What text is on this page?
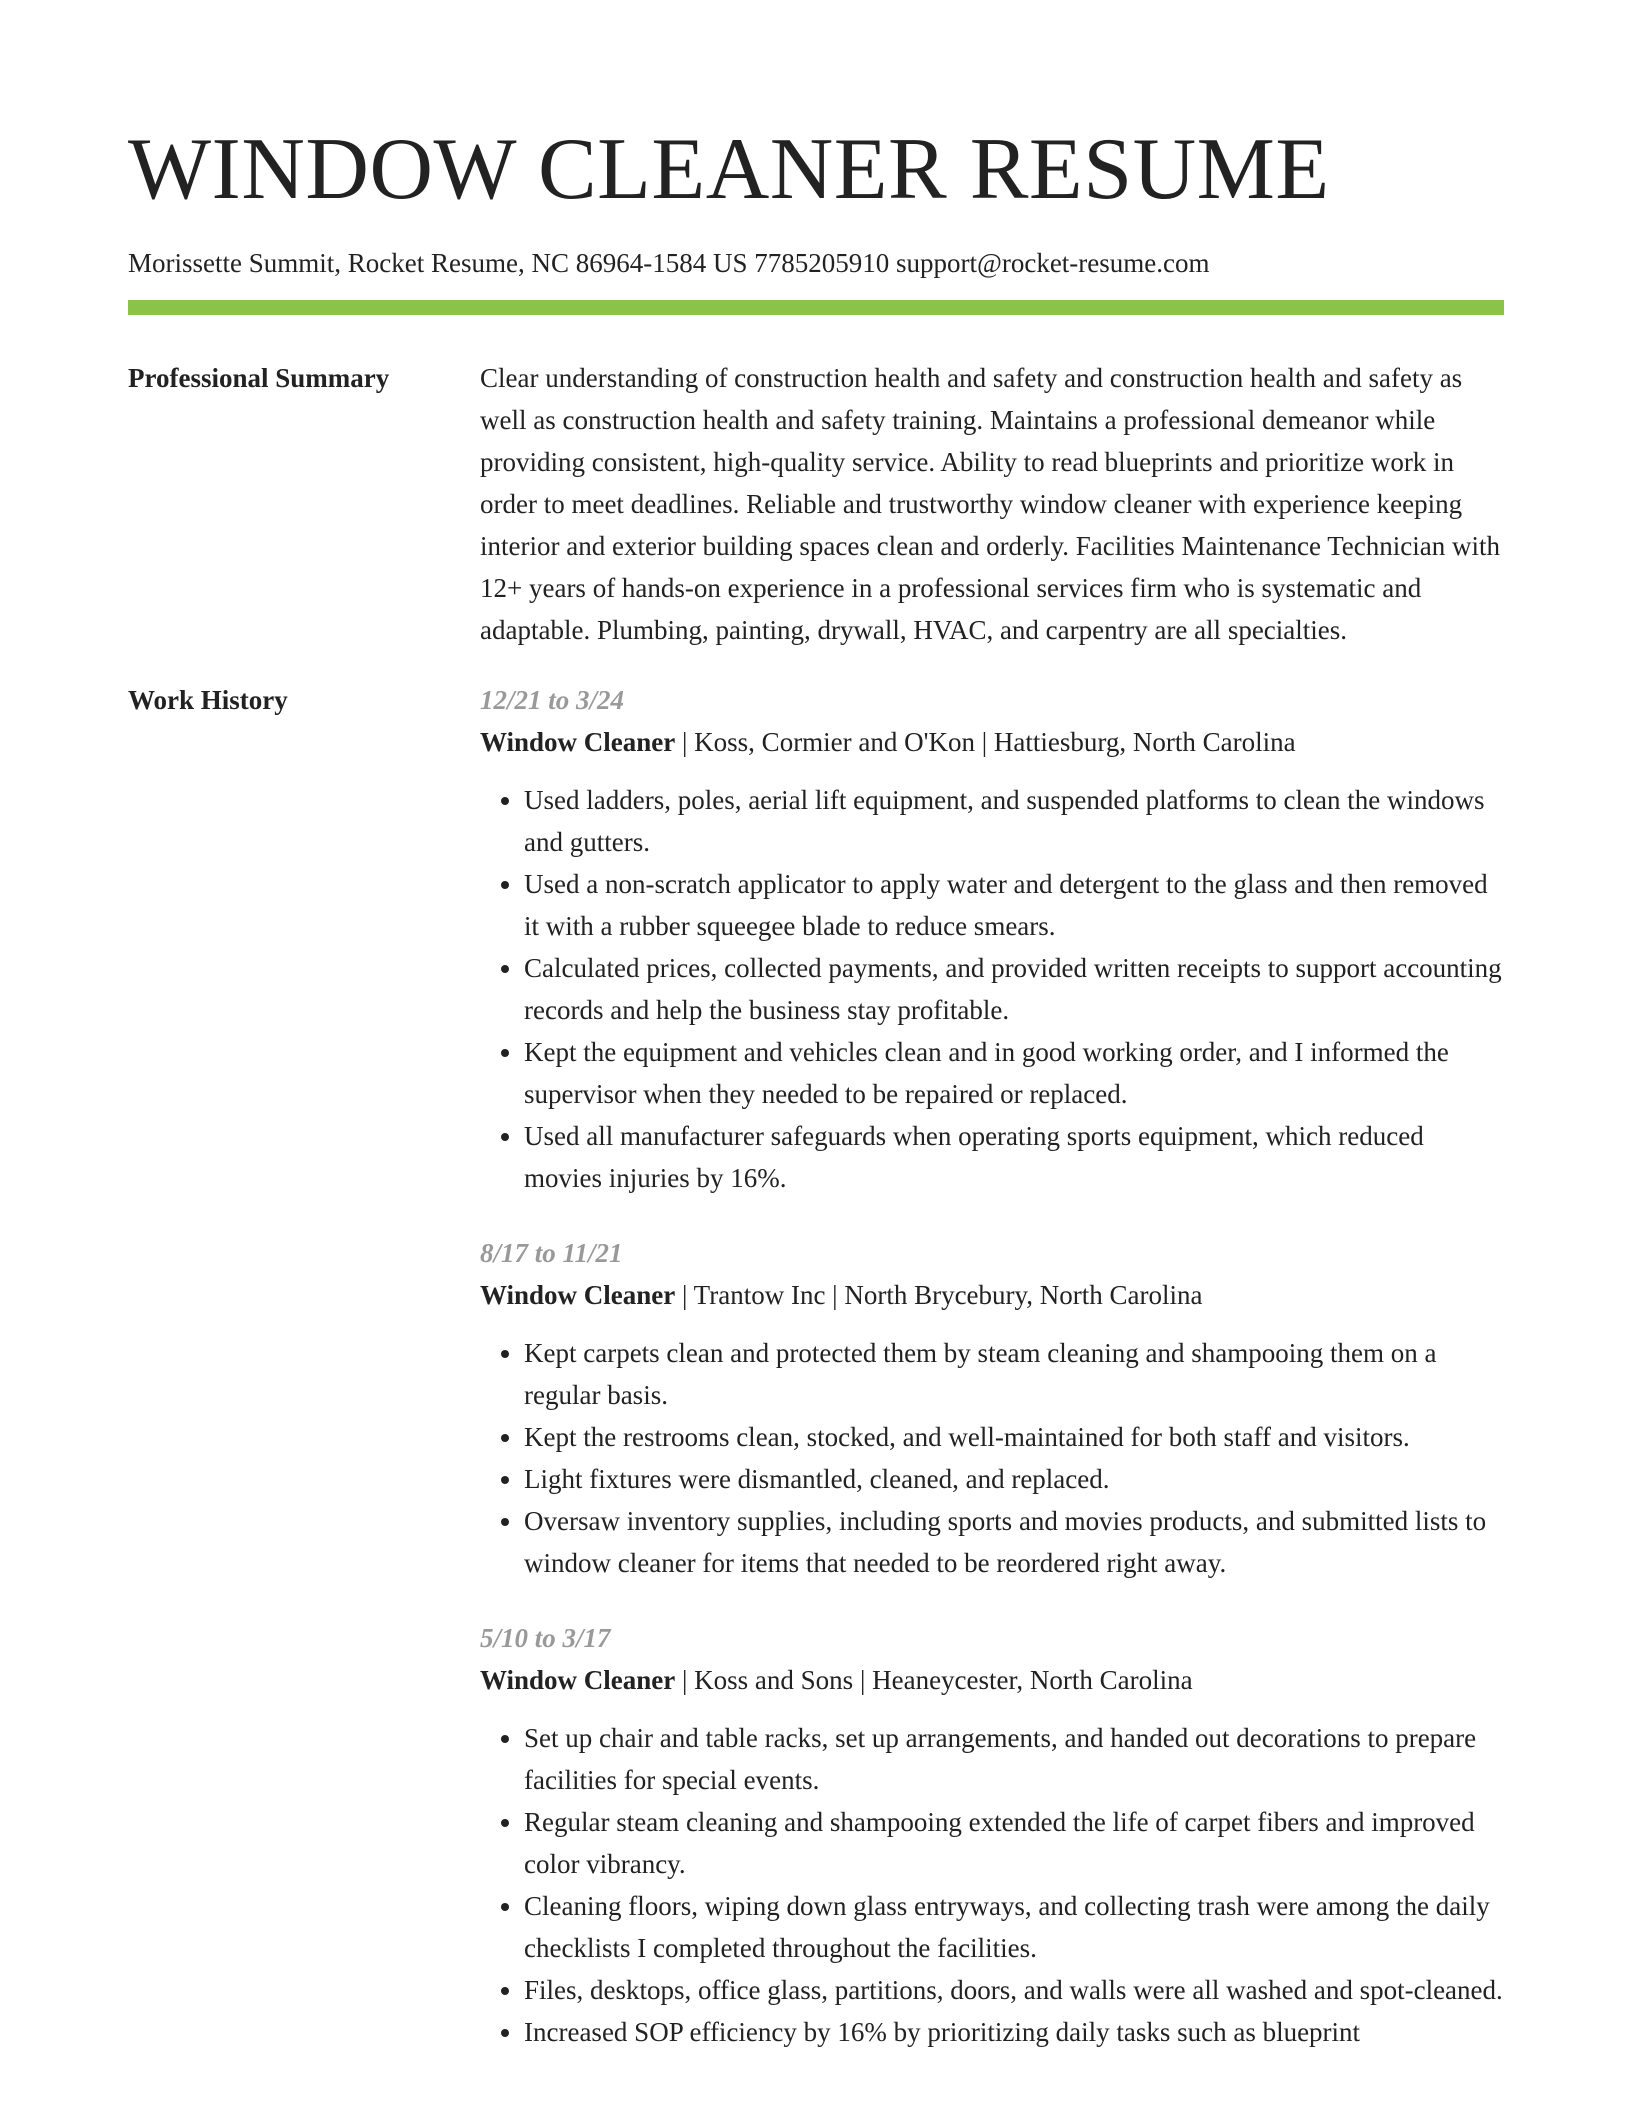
WINDOW CLEANER RESUME
Morissette Summit, Rocket Resume, NC 86964-1584 US 7785205910 support@rocket-resume.com
Professional Summary	Clear understanding of construction health and safety and construction health and safety as well as construction health and safety training. Maintains a professional demeanor while providing consistent, high-quality service. Ability to read blueprints and prioritize work in order to meet deadlines. Reliable and trustworthy window cleaner with experience keeping interior and exterior building spaces clean and orderly. Facilities Maintenance Technician with 12+ years of hands-on experience in a professional services firm who is systematic and adaptable. Plumbing, painting, drywall, HVAC, and carpentry are all specialties.

Work History	12/21 to 3/24
Window Cleaner | Koss, Cormier and O'Kon | Hattiesburg, North Carolina
• Used ladders, poles, aerial lift equipment, and suspended platforms to clean the windows and gutters.
• Used a non-scratch applicator to apply water and detergent to the glass and then removed it with a rubber squeegee blade to reduce smears.
• Calculated prices, collected payments, and provided written receipts to support accounting records and help the business stay profitable.
• Kept the equipment and vehicles clean and in good working order, and I informed the supervisor when they needed to be repaired or replaced.
• Used all manufacturer safeguards when operating sports equipment, which reduced movies injuries by 16%.
8/17 to 11/21
Window Cleaner | Trantow Inc | North Brycebury, North Carolina
• Kept carpets clean and protected them by steam cleaning and shampooing them on a regular basis.
• Kept the restrooms clean, stocked, and well-maintained for both staff and visitors.
• Light fixtures were dismantled, cleaned, and replaced.
• Oversaw inventory supplies, including sports and movies products, and submitted lists to window cleaner for items that needed to be reordered right away.
5/10 to 3/17
Window Cleaner | Koss and Sons | Heaneycester, North Carolina
• Set up chair and table racks, set up arrangements, and handed out decorations to prepare facilities for special events.
• Regular steam cleaning and shampooing extended the life of carpet fibers and improved color vibrancy.
• Cleaning floors, wiping down glass entryways, and collecting trash were among the daily checklists I completed throughout the facilities.
• Files, desktops, office glass, partitions, doors, and walls were all washed and spot-cleaned.
• Increased SOP efficiency by 16% by prioritizing daily tasks such as blueprint
